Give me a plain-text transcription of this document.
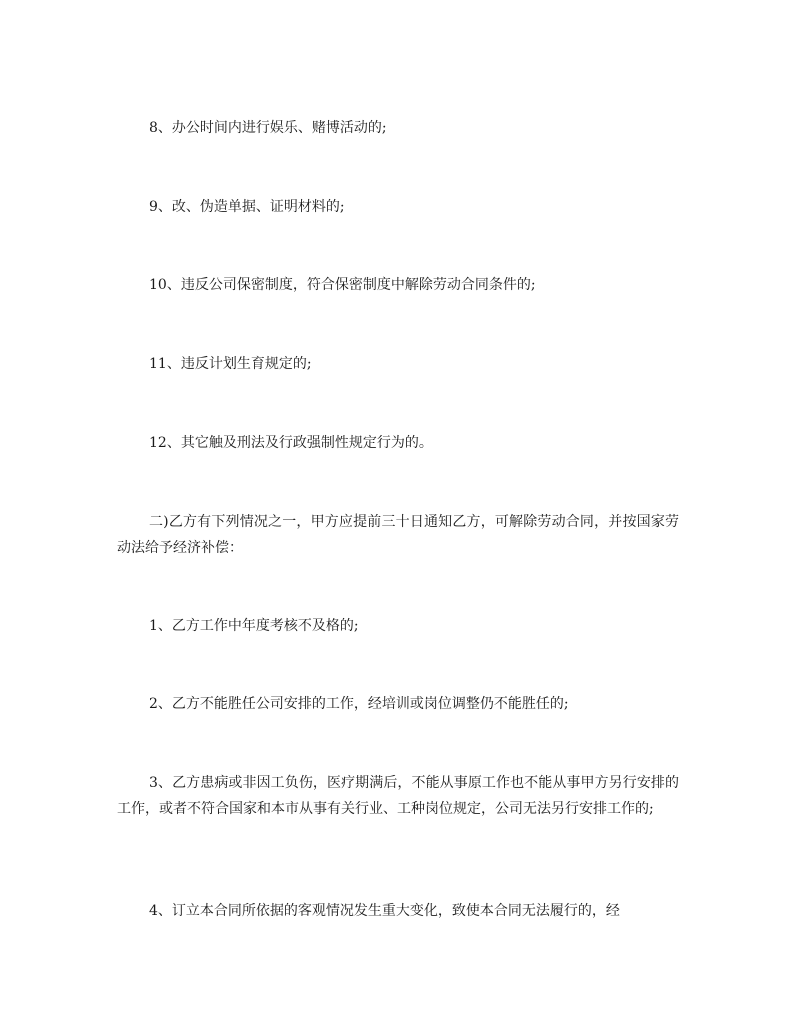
8、办公时间内进行娱乐、赌博活动的;

9、改、伪造单据、证明材料的;

10、违反公司保密制度，符合保密制度中解除劳动合同条件的;

11、违反计划生育规定的;

12、其它触及刑法及行政强制性规定行为的。

二)乙方有下列情况之一，甲方应提前三十日通知乙方，可解除劳动合同，并按国家劳动法给予经济补偿：

1、乙方工作中年度考核不及格的;

2、乙方不能胜任公司安排的工作，经培训或岗位调整仍不能胜任的;

3、乙方患病或非因工负伤，医疗期满后，不能从事原工作也不能从事甲方另行安排的工作，或者不符合国家和本市从事有关行业、工种岗位规定，公司无法另行安排工作的;

4、订立本合同所依据的客观情况发生重大变化，致使本合同无法履行的，经
